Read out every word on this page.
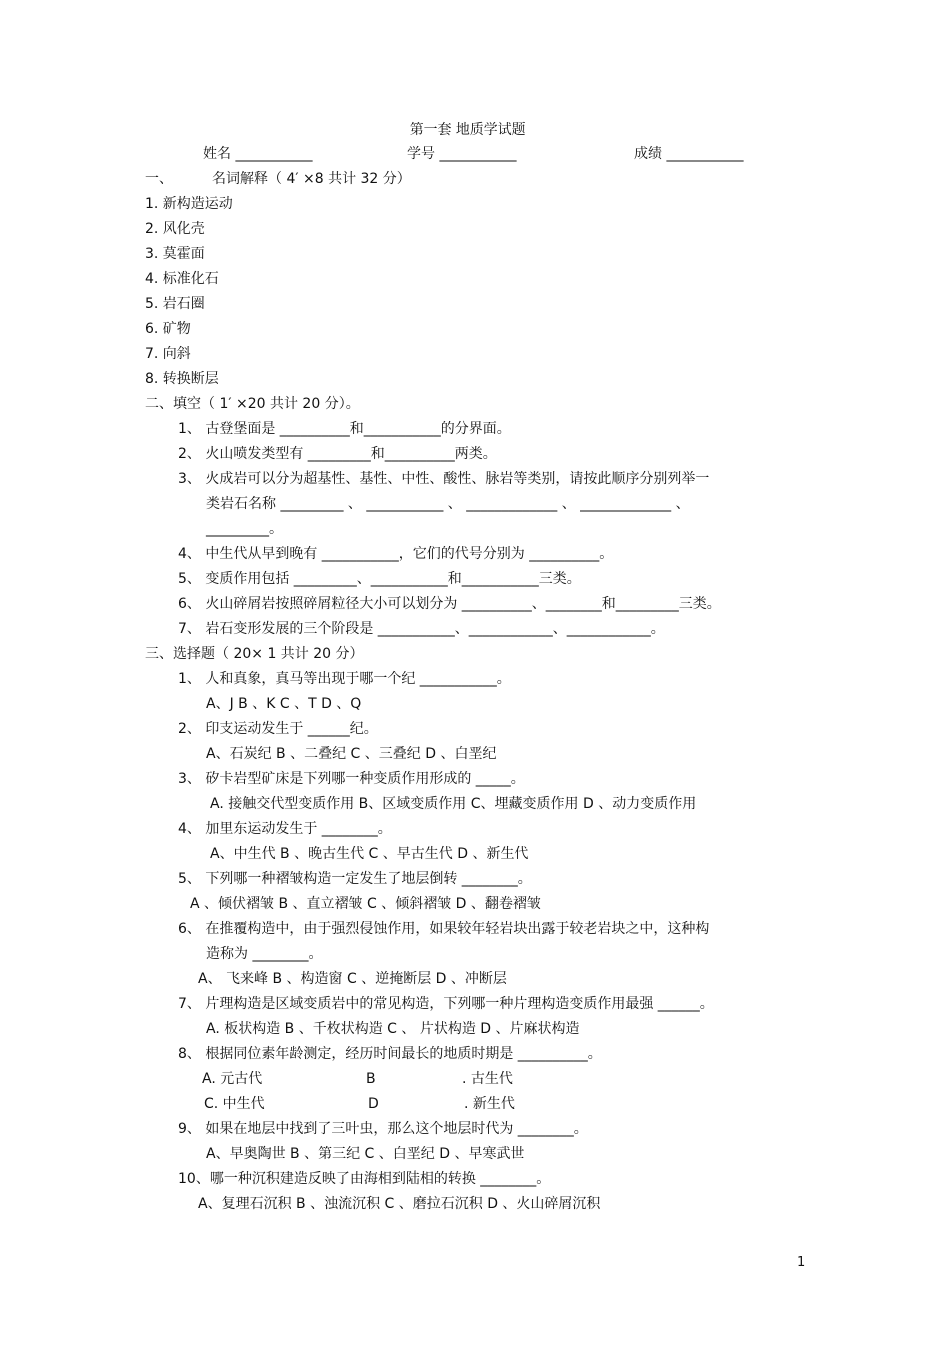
第一套 地质学试题
姓名 ___________	学号 ___________	成绩 ___________
一、	名词解释（ 4′ ×8 共计 32 分）
1. 新构造运动
2. 风化壳
3. 莫霍面
4. 标准化石
5. 岩石圈
6. 矿物
7. 向斜
8. 转换断层
二、填空（ 1′ ×20 共计 20 分）。
1、 古登堡面是 __________和___________的分界面。
2、 火山喷发类型有 _________和__________两类。
3、 火成岩可以分为超基性、基性、中性、酸性、脉岩等类别，请按此顺序分别列举一
类岩石名称 _________ 、 ___________ 、 _____________ 、 _____________ 、
_________。
4、 中生代从早到晚有 ___________，它们的代号分别为 __________。
5、 变质作用包括 _________、___________和___________三类。
6、 火山碎屑岩按照碎屑粒径大小可以划分为 __________、________和_________三类。
7、 岩石变形发展的三个阶段是 ___________、____________、____________。
三、选择题（ 20× 1 共计 20 分）
1、 人和真象，真马等出现于哪一个纪 ___________。
A、J B 、K C 、T D 、Q
2、 印支运动发生于 ______纪。
A、石炭纪 B 、二叠纪 C 、三叠纪 D 、白垩纪
3、 矽卡岩型矿床是下列哪一种变质作用形成的 _____。
A. 接触交代型变质作用 B、区域变质作用 C、埋藏变质作用 D 、动力变质作用
4、 加里东运动发生于 ________。
A、中生代 B 、晚古生代 C 、早古生代 D 、新生代
5、 下列哪一种褶皱构造一定发生了地层倒转 ________。
A 、倾伏褶皱 B 、直立褶皱 C 、倾斜褶皱 D 、翻卷褶皱
6、 在推覆构造中，由于强烈侵蚀作用，如果较年轻岩块出露于较老岩块之中，这种构
造称为 ________。
A、 飞来峰 B 、构造窗 C 、逆掩断层 D 、冲断层
7、 片理构造是区域变质岩中的常见构造，下列哪一种片理构造变质作用最强 ______。
A. 板状构造 B 、千枚状构造 C 、 片状构造 D 、片麻状构造
8、 根据同位素年龄测定，经历时间最长的地质时期是 __________。
A. 元古代	B	. 古生代
C. 中生代	D	. 新生代
9、 如果在地层中找到了三叶虫，那么这个地层时代为 ________。
A、早奥陶世 B 、第三纪 C 、白垩纪 D 、早寒武世
10、哪一种沉积建造反映了由海相到陆相的转换 ________。
A、复理石沉积 B 、浊流沉积 C 、磨拉石沉积 D 、火山碎屑沉积
1
